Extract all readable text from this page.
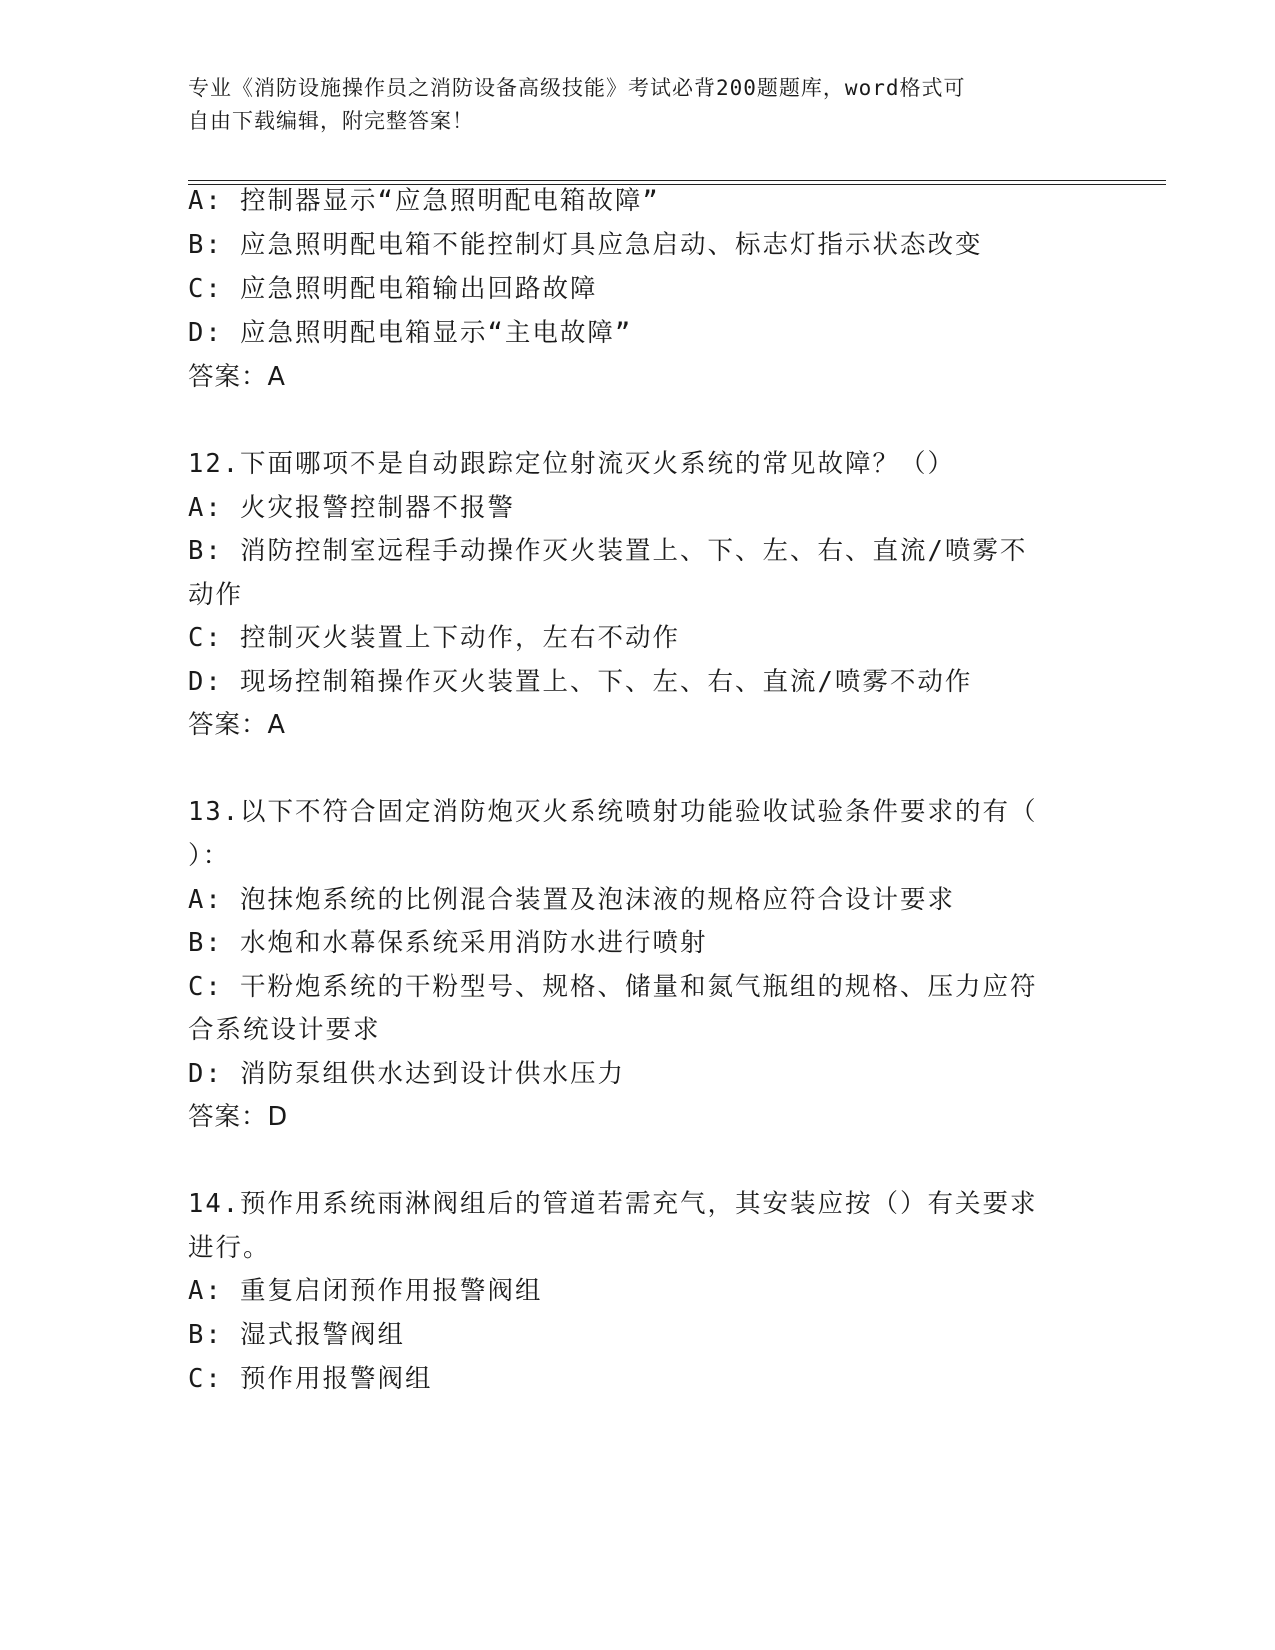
专业《消防设施操作员之消防设备高级技能》考试必背200题题库，word格式可
自由下载编辑，附完整答案！
A: 控制器显示“应急照明配电箱故障”
B: 应急照明配电箱不能控制灯具应急启动、标志灯指示状态改变
C: 应急照明配电箱输出回路故障
D: 应急照明配电箱显示“主电故障”
答案：A
12.下面哪项不是自动跟踪定位射流灭火系统的常见故障？（）
A: 火灾报警控制器不报警
B: 消防控制室远程手动操作灭火装置上、下、左、右、直流/喷雾不
动作
C: 控制灭火装置上下动作，左右不动作
D: 现场控制箱操作灭火装置上、下、左、右、直流/喷雾不动作
答案：A
13.以下不符合固定消防炮灭火系统喷射功能验收试验条件要求的有（
）：
A: 泡抹炮系统的比例混合装置及泡沫液的规格应符合设计要求
B: 水炮和水幕保系统采用消防水进行喷射
C: 干粉炮系统的干粉型号、规格、储量和氮气瓶组的规格、压力应符
合系统设计要求
D: 消防泵组供水达到设计供水压力
答案：D
14.预作用系统雨淋阀组后的管道若需充气，其安装应按（）有关要求
进行。
A: 重复启闭预作用报警阀组
B: 湿式报警阀组
C: 预作用报警阀组
